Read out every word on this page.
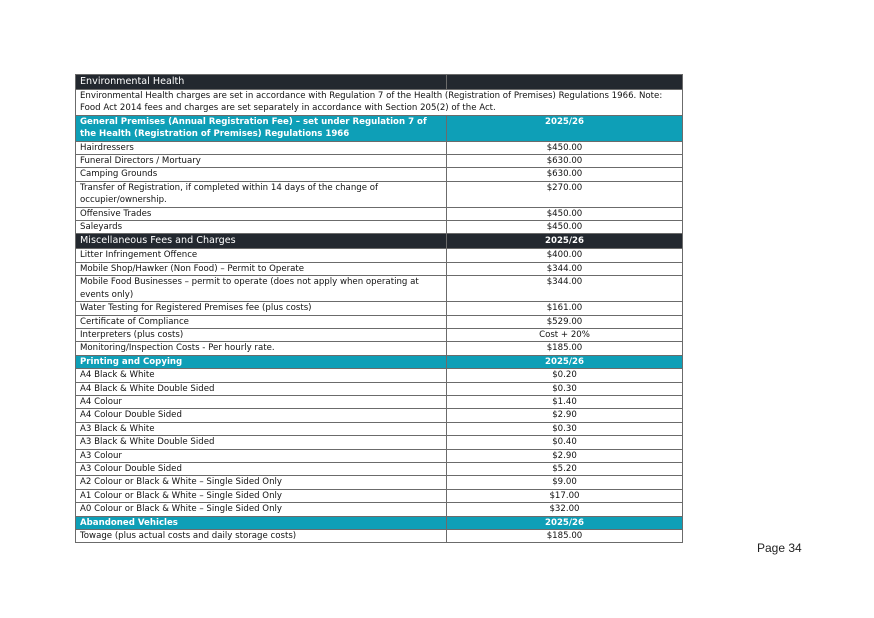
Environmental Health	
Environmental Health charges are set in accordance with Regulation 7 of the Health (Registration of Premises) Regulations 1966. Note: Food Act 2014 fees and charges are set separately in accordance with Section 205(2) of the Act.	
General Premises (Annual Registration Fee) – set under Regulation 7 of the Health (Registration of Premises) Regulations 1966	2025/26
Hairdressers	$450.00
Funeral Directors / Mortuary	$630.00
Camping Grounds	$630.00
Transfer of Registration, if completed within 14 days of the change of occupier/ownership.	$270.00
Offensive Trades	$450.00
Saleyards	$450.00
Miscellaneous Fees and Charges	2025/26
Litter Infringement Offence	$400.00
Mobile Shop/Hawker (Non Food) – Permit to Operate	$344.00
Mobile Food Businesses – permit to operate (does not apply when operating at events only)	$344.00
Water Testing for Registered Premises fee (plus costs)	$161.00
Certificate of Compliance	$529.00
Interpreters (plus costs)	Cost + 20%
Monitoring/Inspection Costs - Per hourly rate.	$185.00
Printing and Copying	2025/26
A4 Black & White	$0.20
A4 Black & White Double Sided	$0.30
A4 Colour	$1.40
A4 Colour Double Sided	$2.90
A3 Black & White	$0.30
A3 Black & White Double Sided	$0.40
A3 Colour	$2.90
A3 Colour Double Sided	$5.20
A2 Colour or Black & White – Single Sided Only	$9.00
A1 Colour or Black & White – Single Sided Only	$17.00
A0 Colour or Black & White – Single Sided Only	$32.00
Abandoned Vehicles	2025/26
Towage (plus actual costs and daily storage costs)	$185.00
Page 34
